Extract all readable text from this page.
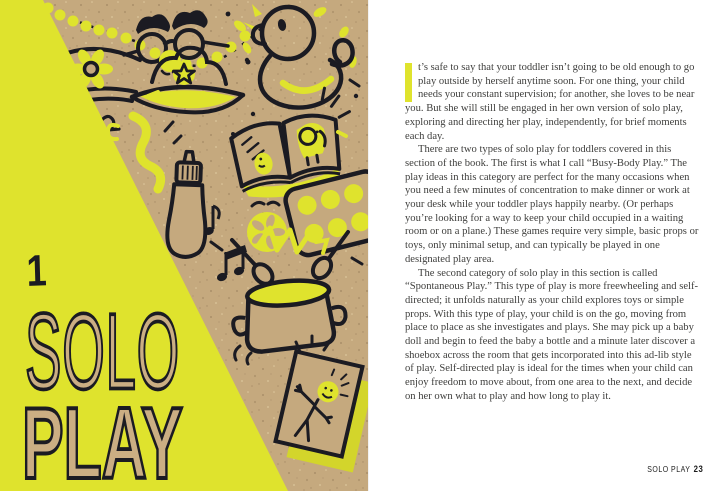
1
SOLO
PLAY

t’s safe to say that your toddler isn’t going to be old enough to go play outside by herself anytime soon. For one thing, your child needs your constant supervision; for another, she loves to be near you. But she will still be engaged in her own version of solo play, exploring and directing her play, independently, for brief moments each day.

There are two types of solo play for toddlers covered in this section of the book. The first is what I call “Busy-Body Play.” The play ideas in this category are perfect for the many occasions when you need a few minutes of concentration to make dinner or work at your desk while your toddler plays happily nearby. (Or perhaps you’re looking for a way to keep your child occupied in a waiting room or on a plane.) These games require very simple, basic props or toys, only minimal setup, and can typically be played in one designated play area.

The second category of solo play in this section is called “Spontaneous Play.” This type of play is more freewheeling and self-directed; it unfolds naturally as your child explores toys or simple props. With this type of play, your child is on the go, moving from place to place as she investigates and plays. She may pick up a baby doll and begin to feed the baby a bottle and a minute later discover a shoebox across the room that gets incorporated into this ad-lib style of play. Self-directed play is ideal for the times when your child can enjoy freedom to move about, from one area to the next, and decide on her own what to play and how long to play it.

SOLO PLAY 23
